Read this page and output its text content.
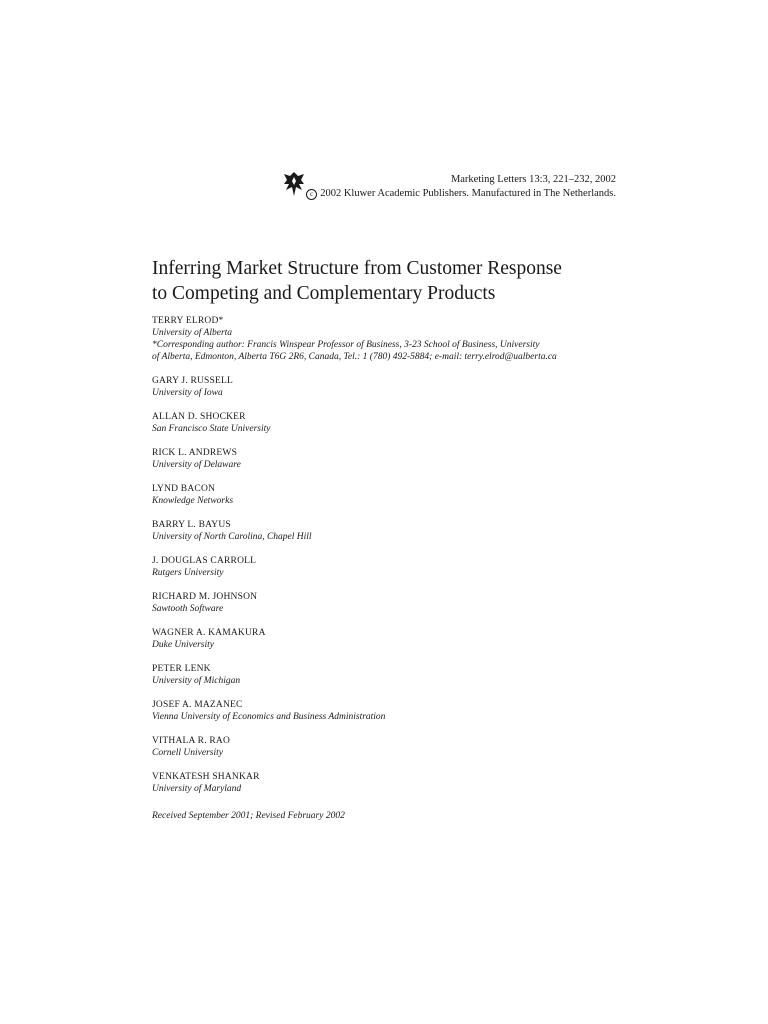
Marketing Letters 13:3, 221–232, 2002
c 2002 Kluwer Academic Publishers. Manufactured in The Netherlands.
Inferring Market Structure from Customer Response
to Competing and Complementary Products
TERRY ELROD*
University of Alberta
*Corresponding author: Francis Winspear Professor of Business, 3-23 School of Business, University
of Alberta, Edmonton, Alberta T6G 2R6, Canada, Tel.: 1 (780) 492-5884; e-mail: terry.elrod@ualberta.ca
GARY J. RUSSELL
University of Iowa
ALLAN D. SHOCKER
San Francisco State University
RICK L. ANDREWS
University of Delaware
LYND BACON
Knowledge Networks
BARRY L. BAYUS
University of North Carolina, Chapel Hill
J. DOUGLAS CARROLL
Rutgers University
RICHARD M. JOHNSON
Sawtooth Software
WAGNER A. KAMAKURA
Duke University
PETER LENK
University of Michigan
JOSEF A. MAZANEC
Vienna University of Economics and Business Administration
VITHALA R. RAO
Cornell University
VENKATESH SHANKAR
University of Maryland
Received September 2001; Revised February 2002
